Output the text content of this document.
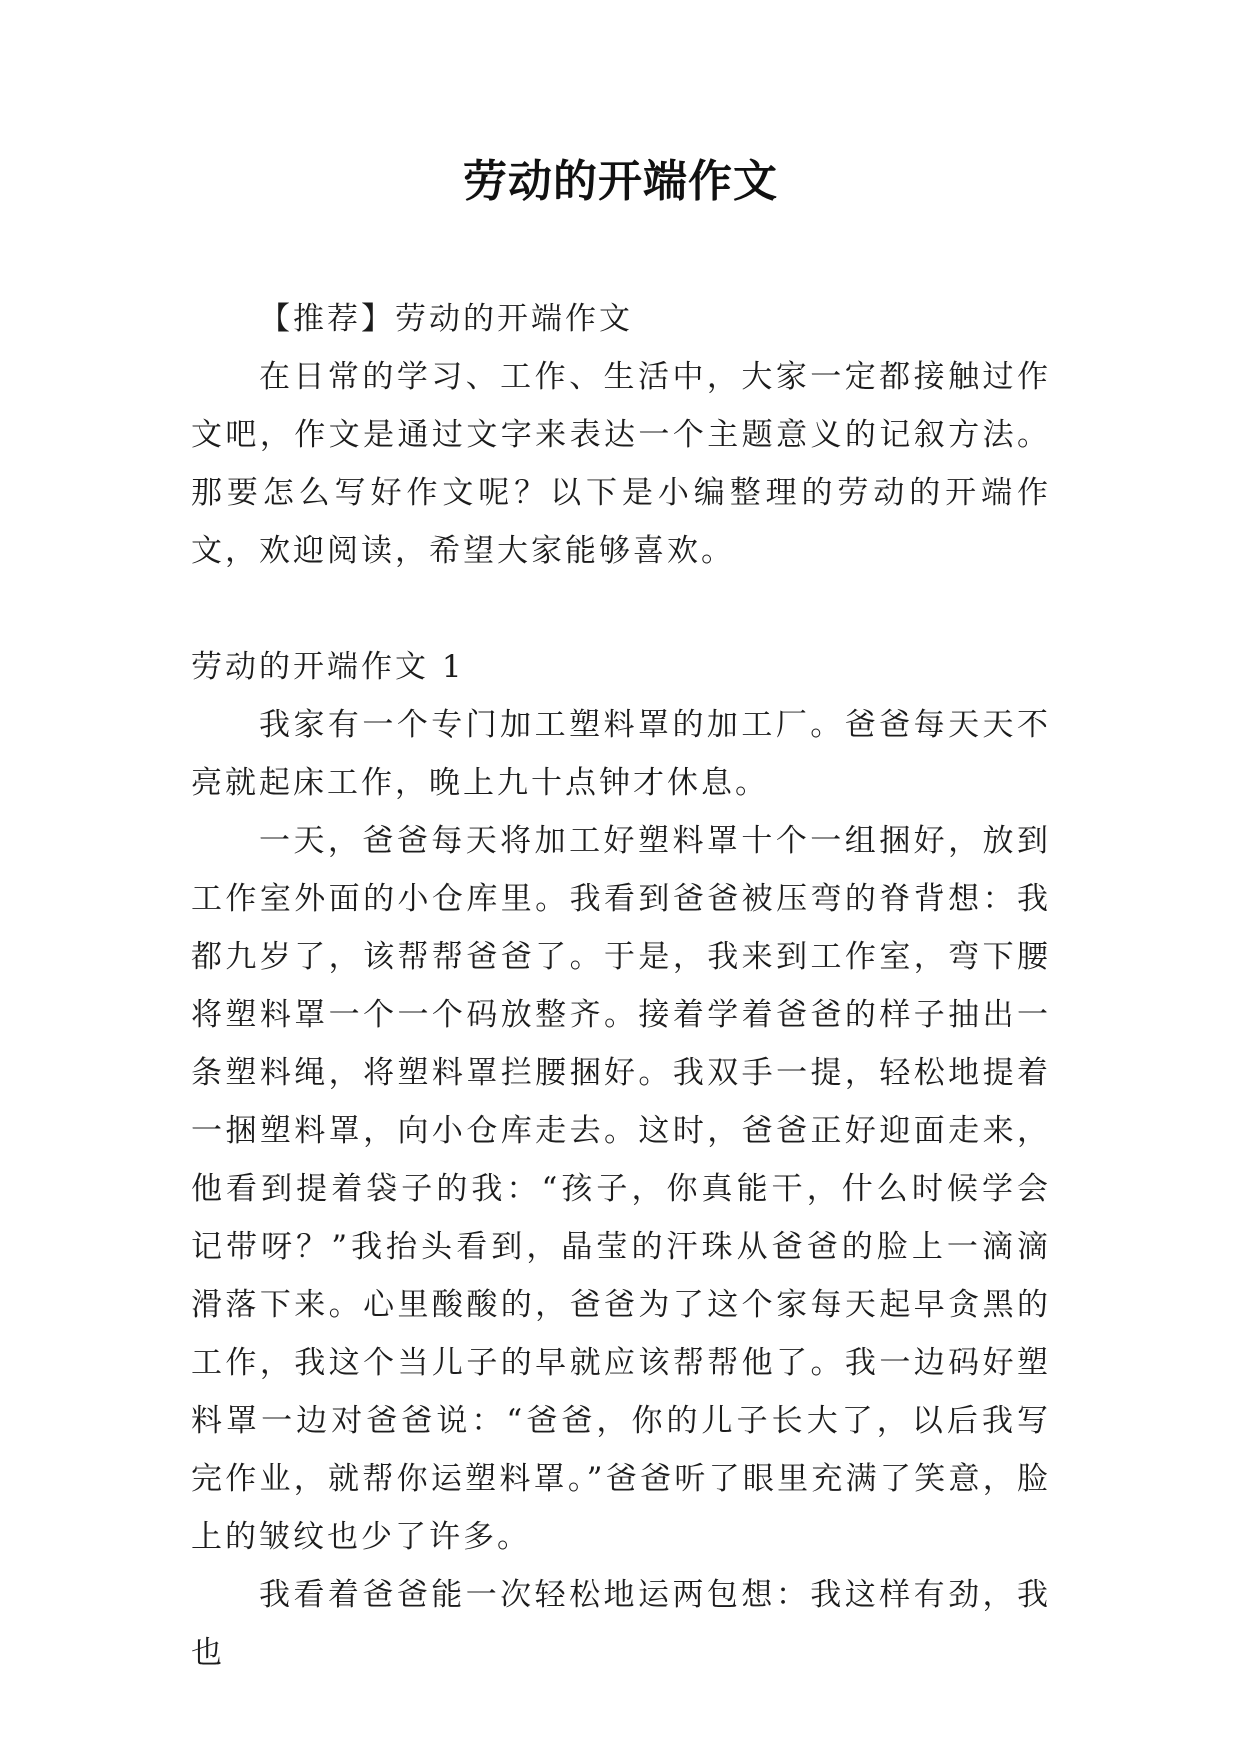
劳动的开端作文

【推荐】劳动的开端作文

在日常的学习、工作、生活中，大家一定都接触过作文吧，作文是通过文字来表达一个主题意义的记叙方法。那要怎么写好作文呢？以下是小编整理的劳动的开端作文，欢迎阅读，希望大家能够喜欢。

劳动的开端作文 1

我家有一个专门加工塑料罩的加工厂。爸爸每天天不亮就起床工作，晚上九十点钟才休息。

一天，爸爸每天将加工好塑料罩十个一组捆好，放到工作室外面的小仓库里。我看到爸爸被压弯的脊背想：我都九岁了，该帮帮爸爸了。于是，我来到工作室，弯下腰将塑料罩一个一个码放整齐。接着学着爸爸的样子抽出一条塑料绳，将塑料罩拦腰捆好。我双手一提，轻松地提着一捆塑料罩，向小仓库走去。这时，爸爸正好迎面走来，他看到提着袋子的我：“孩子，你真能干，什么时候学会记带呀？”我抬头看到，晶莹的汗珠从爸爸的脸上一滴滴滑落下来。心里酸酸的，爸爸为了这个家每天起早贪黑的工作，我这个当儿子的早就应该帮帮他了。我一边码好塑料罩一边对爸爸说：“爸爸，你的儿子长大了，以后我写完作业，就帮你运塑料罩。”爸爸听了眼里充满了笑意，脸上的皱纹也少了许多。

我看着爸爸能一次轻松地运两包想：我这样有劲，我也
